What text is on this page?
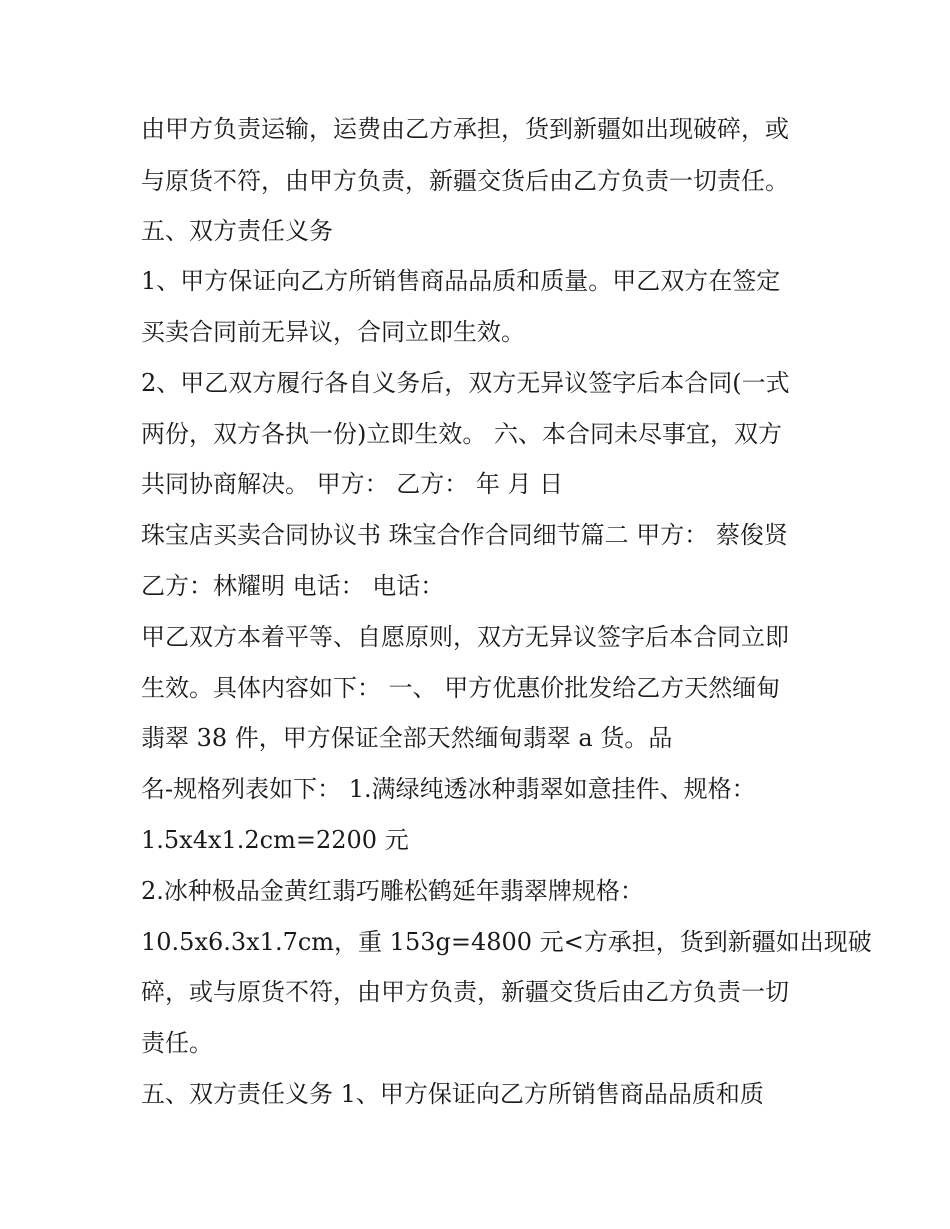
由甲方负责运输，运费由乙方承担，货到新疆如出现破碎，或
与原货不符，由甲方负责，新疆交货后由乙方负责一切责任。
五、双方责任义务
1、甲方保证向乙方所销售商品品质和质量。甲乙双方在签定
买卖合同前无异议，合同立即生效。
2、甲乙双方履行各自义务后，双方无异议签字后本合同(一式
两份，双方各执一份)立即生效。 六、本合同未尽事宜，双方
共同协商解决。 甲方： 乙方： 年 月 日
珠宝店买卖合同协议书 珠宝合作合同细节篇二 甲方： 蔡俊贤
乙方：林耀明 电话： 电话：
甲乙双方本着平等、自愿原则，双方无异议签字后本合同立即
生效。具体内容如下： 一、 甲方优惠价批发给乙方天然缅甸
翡翠 38 件，甲方保证全部天然缅甸翡翠 a 货。品
名-规格列表如下： 1.满绿纯透冰种翡翠如意挂件、规格：
1.5x4x1.2cm=2200 元
2.冰种极品金黄红翡巧雕松鹤延年翡翠牌规格：
10.5x6.3x1.7cm，重 153g=4800 元<方承担，货到新疆如出现破
碎，或与原货不符，由甲方负责，新疆交货后由乙方负责一切
责任。
五、双方责任义务 1、甲方保证向乙方所销售商品品质和质
